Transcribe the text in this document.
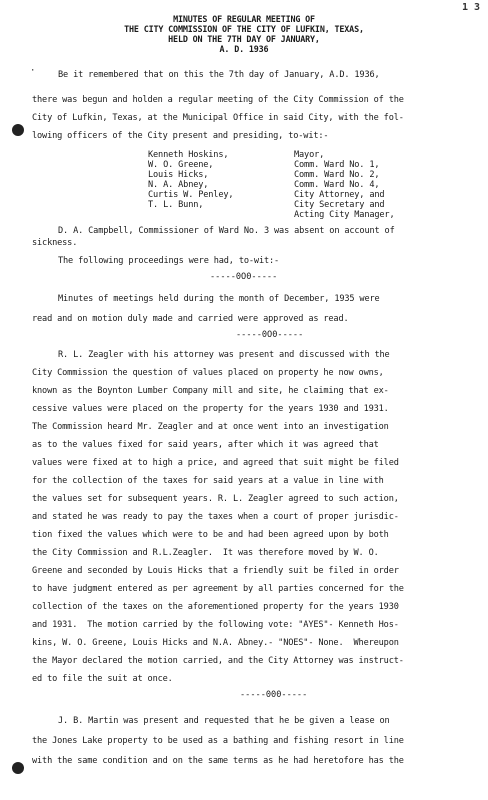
1 3
MINUTES OF REGULAR MEETING OF
THE CITY COMMISSION OF THE CITY OF LUFKIN, TEXAS,
HELD ON THE 7TH DAY OF JANUARY,
A. D. 1936
·	Be it remembered that on this the 7th day of January, A.D. 1936,
there was begun and holden a regular meeting of the City Commission of the
City of Lufkin, Texas, at the Municipal Office in said City, with the fol-
lowing officers of the City present and presiding, to-wit:-
Kenneth Hoskins,	Mayor,
W. O. Greene,	Comm. Ward No. 1,
Louis Hicks,	Comm. Ward No. 2,
N. A. Abney,	Comm. Ward No. 4,
Curtis W. Penley,	City Attorney, and
T. L. Bunn,	City Secretary and
Acting City Manager,
D. A. Campbell, Commissioner of Ward No. 3 was absent on account of
sickness.
The following proceedings were had, to-wit:-
-----0O0-----
Minutes of meetings held during the month of December, 1935 were
read and on motion duly made and carried were approved as read.
-----0O0-----
R. L. Zeagler with his attorney was present and discussed with the
City Commission the question of values placed on property he now owns,
known as the Boynton Lumber Company mill and site, he claiming that ex-
cessive values were placed on the property for the years 1930 and 1931.
The Commission heard Mr. Zeagler and at once went into an investigation
as to the values fixed for said years, after which it was agreed that
values were fixed at to high a price, and agreed that suit might be filed
for the collection of the taxes for said years at a value in line with
the values set for subsequent years. R. L. Zeagler agreed to such action,
and stated he was ready to pay the taxes when a court of proper jurisdic-
tion fixed the values which were to be and had been agreed upon by both
the City Commission and R.L.Zeagler.  It was therefore moved by W. O.
Greene and seconded by Louis Hicks that a friendly suit be filed in order
to have judgment entered as per agreement by all parties concerned for the
collection of the taxes on the aforementioned property for the years 1930
and 1931.  The motion carried by the following vote: "AYES"- Kenneth Hos-
kins, W. O. Greene, Louis Hicks and N.A. Abney.- "NOES"- None.  Whereupon
the Mayor declared the motion carried, and the City Attorney was instruct-
ed to file the suit at once.
-----000-----
J. B. Martin was present and requested that he be given a lease on
the Jones Lake property to be used as a bathing and fishing resort in line
with the same condition and on the same terms as he had heretofore has the
